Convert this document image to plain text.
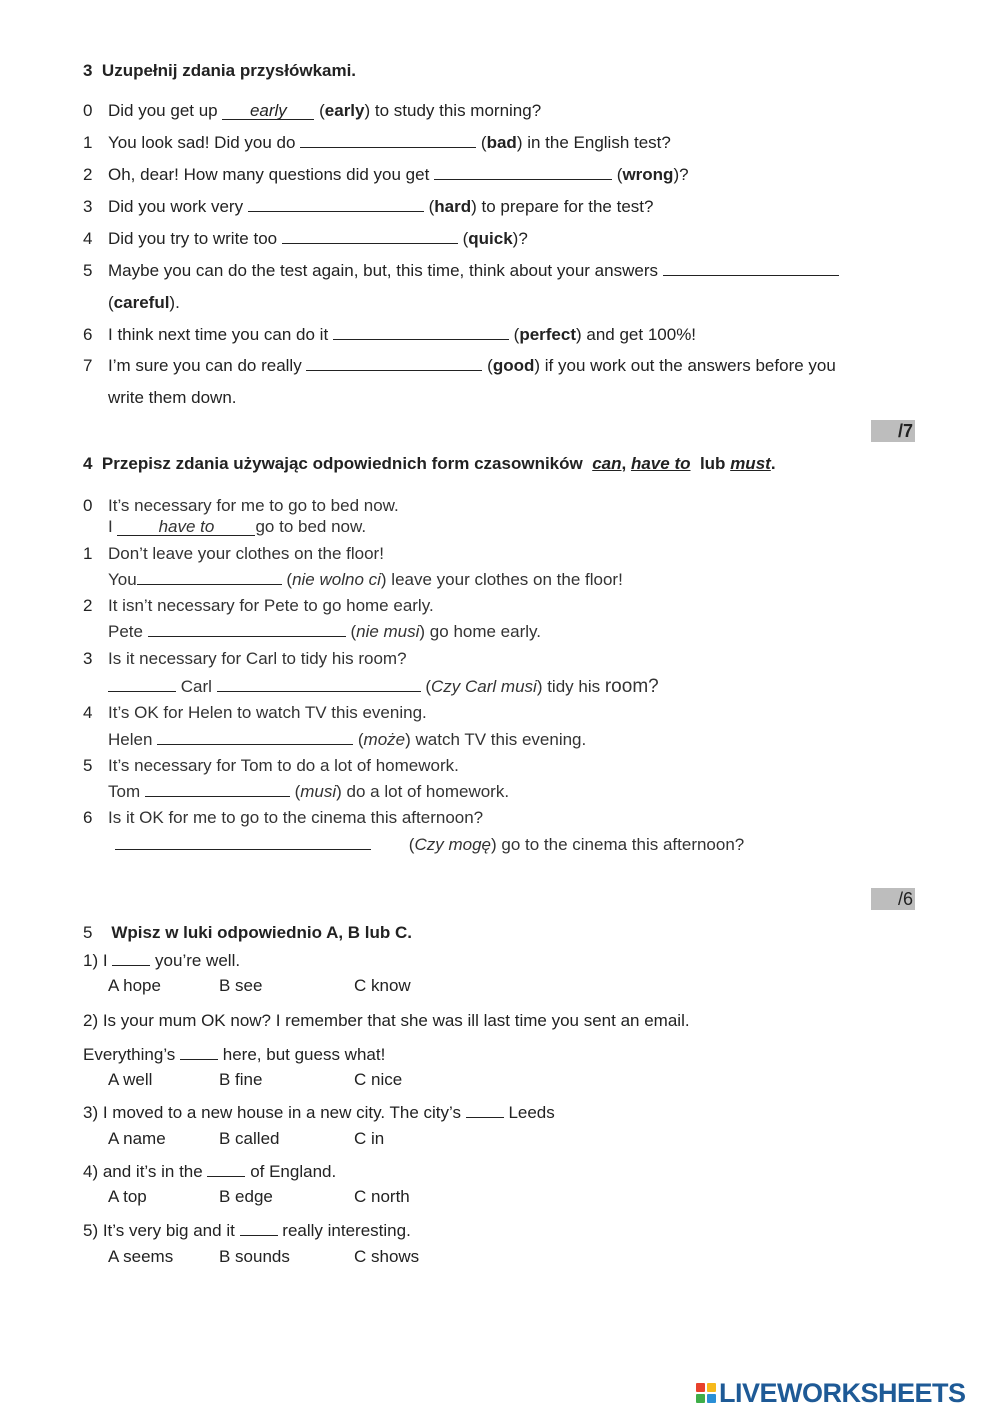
3 Uzupełnij zdania przysłówkami.
0 Did you get up early (early) to study this morning?
1 You look sad! Did you do	(bad) in the English test?
2 Oh, dear! How many questions did you get	(wrong)?
3 Did you work very	(hard) to prepare for the test?
4 Did you try to write too	(quick)?
5 Maybe you can do the test again, but, this time, think about your answers
(careful).
6 I think next time you can do it	(perfect) and get 100%!
7 I’m sure you can do really	(good) if you work out the answers before you
write them down.
/7
4 Przepisz zdania używając odpowiednich form czasowników can, have to lub must.
0 It’s necessary for me to go to bed now.
I	have to go to bed now.
1 Don’t leave your clothes on the floor!
You	(nie wolno ci) leave your clothes on the floor!
2 It isn’t necessary for Pete to go home early.
Pete	(nie musi) go home early.
3 Is it necessary for Carl to tidy his room?
Carl	(Czy Carl musi) tidy his room?
4 It’s OK for Helen to watch TV this evening.
Helen	(może) watch TV this evening.
5 It’s necessary for Tom to do a lot of homework.
Tom	(musi) do a lot of homework.
6 Is it OK for me to go to the cinema this afternoon?
(Czy mogę) go to the cinema this afternoon?
/6
5 Wpisz w luki odpowiednio A, B lub C.
1) I	you’re well.
A hope	B see	C know
2) Is your mum OK now? I remember that she was ill last time you sent an email.
Everything’s	here, but guess what!
A well	B fine	C nice
3) I moved to a new house in a new city. The city’s	Leeds
A name	B called	C in
4) and it’s in the	of England.
A top	B edge	C north
5) It’s very big and it	really interesting.
A seems	B sounds	C shows
LIVEWORKSHEETS
